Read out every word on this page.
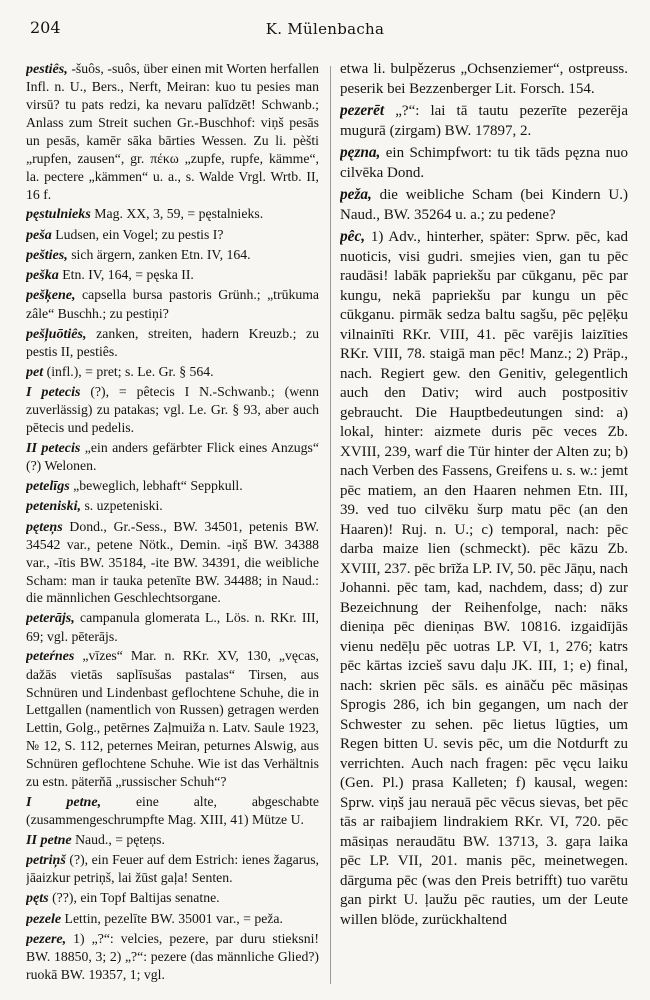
204	K. Mülenbacha

pestiês, -šuôs, -suôs, über einen mit Worten herfallen Infl. n. U., Bers., Nerft, Meiran: kuo tu pesies man virsū? tu pats redzi, ka nevaru palīdzēt! Schwanb.; Anlass zum Streit suchen Gr.-Buschhof: viņš pesās un pesās, kamēr sāka bārties Wessen. Zu li. pèšti „rupfen, zausen“, gr. πέκω „zupfe, rupfe, kämme“, la. pectere „kämmen“ u. a., s. Walde Vrgl. Wrtb. II, 16 f.

pęstulnieks Mag. XX, 3, 59, = pęstalnieks.

peša Ludsen, ein Vogel; zu pestis I?

pešties, sich ärgern, zanken Etn. IV, 164.

peška Etn. IV, 164, = pęska II.

pešķene, capsella bursa pastoris Grünh.; „trūkuma zâle“ Buschh.; zu pestiņi?

pešļuōtiês, zanken, streiten, hadern Kreuzb.; zu pestis II, pestiês.

pet (infl.), = pret; s. Le. Gr. § 564.

I petecis (?), = pêtecis I N.-Schwanb.; (wenn zuverlässig) zu patakas; vgl. Le. Gr. § 93, aber auch pētecis und pedelis.

II petecis „ein anders gefärbter Flick eines Anzugs“ (?) Welonen.

petelīgs „beweglich, lebhaft“ Seppkull.

peteniski, s. uzpeteniski.

pęteņs Dond., Gr.-Sess., BW. 34501, petenis BW. 34542 var., petene Nötk., Demin. -iņš BW. 34388 var., -ītis BW. 35184, -ite BW. 34391, die weibliche Scham: man ir tauka petenīte BW. 34488; in Naud.: die männlichen Geschlechtsorgane.

peterājs, campanula glomerata L., Lös. n. RKr. III, 69; vgl. pēterājs.

peteŕnes „vīzes“ Mar. n. RKr. XV, 130, „vęcas, dažās vietās saplīsušas pastalas“ Tirsen, aus Schnüren und Lindenbast geflochtene Schuhe, die in Lettgallen (namentlich von Russen) getragen werden Lettin, Golg., petērnes Zaļmuiža n. Latv. Saule 1923, № 12, S. 112, peternes Meiran, peturnes Alswig, aus Schnüren geflochtene Schuhe. Wie ist das Verhältnis zu estn. pätern̆ā „russischer Schuh“?

I petne, eine alte, abgeschabte (zusammengeschrumpfte Mag. XIII, 41) Mütze U.

II petne Naud., = pęteņs.

petriņš (?), ein Feuer auf dem Estrich: ienes žagarus, jāaizkur petriņš, lai žūst gaļa! Senten.

pęts (??), ein Topf Baltijas senatne.

pezele Lettin, pezelīte BW. 35001 var., = peža.

pezere, 1) „?“: velcies, pezere, par duru stieksni! BW. 18850, 3; 2) „?“: pezere (das männliche Glied?) ruokā BW. 19357, 1; vgl.

etwa li. bulpězerus „Ochsenziemer“, ostpreuss. peserik bei Bezzenberger Lit. Forsch. 154.

pezerēt „?“: lai tā tautu pezerīte pezerēja mugurā (zirgam) BW. 17897, 2.

pęzna, ein Schimpfwort: tu tik tāds pęzna nuo cilvēka Dond.

peža, die weibliche Scham (bei Kindern U.) Naud., BW. 35264 u. a.; zu pedene?

pêc, 1) Adv., hinterher, später: Sprw. pēc, kad nuoticis, visi gudri. smejies vien, gan tu pēc raudāsi! labāk papriekšu par cūkganu, pēc par kungu, nekā papriekšu par kungu un pēc cūkganu. pirmāk sedza baltu sagšu, pēc pęļēķu vilnainīti RKr. VIII, 41. pēc varējis laizīties RKr. VIII, 78. staigā man pēc! Manz.; 2) Präp., nach. Regiert gew. den Genitiv, gelegentlich auch den Dativ; wird auch postpositiv gebraucht. Die Hauptbedeutungen sind: a) lokal, hinter: aizmete duris pēc veces Zb. XVIII, 239, warf die Tür hinter der Alten zu; b) nach Verben des Fassens, Greifens u. s. w.: jemt pēc matiem, an den Haaren nehmen Etn. III, 39. ved tuo cilvēku šurp matu pēc (an den Haaren)! Ruj. n. U.; c) temporal, nach: pēc darba maize lien (schmeckt). pēc kāzu Zb. XVIII, 237. pēc brīža LP. IV, 50. pēc Jāņu, nach Johanni. pēc tam, kad, nachdem, dass; d) zur Bezeichnung der Reihenfolge, nach: nāks dieniņa pēc dieniņas BW. 10816. izgaidījās vienu nedēļu pēc uotras LP. VI, 1, 276; katrs pēc kārtas izcieš savu daļu JK. III, 1; e) final, nach: skrien pēc sāls. es aināču pēc māsiņas Sprogis 286, ich bin gegangen, um nach der Schwester zu sehen. pēc lietus lūgties, um Regen bitten U. sevis pēc, um die Notdurft zu verrichten. Auch nach fragen: pēc vęcu laiku (Gen. Pl.) prasa Kalleten; f) kausal, wegen: Sprw. viņš jau nerauā pēc vēcus sievas, bet pēc tās ar raibajiem lindrakiem RKr. VI, 720. pēc māsiņas neraudātu BW. 13713, 3. gaŗa laika pēc LP. VII, 201. manis pēc, meinetwegen. dārguma pēc (was den Preis betrifft) tuo varētu gan pirkt U. ļaužu pēc rauties, um der Leute willen blöde, zurückhaltend
